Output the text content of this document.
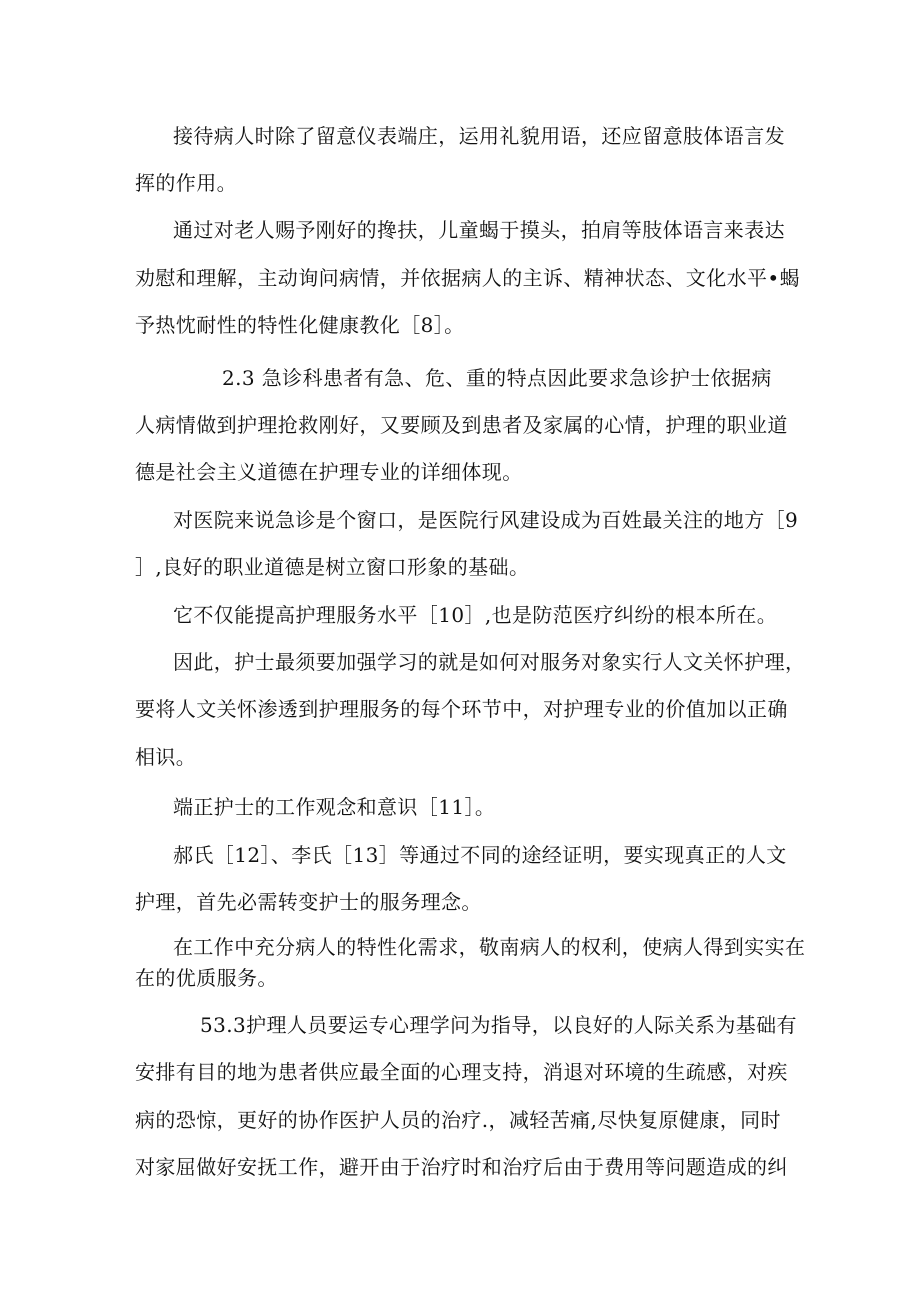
接待病人时除了留意仪表端庄，运用礼貌用语，还应留意肢体语言发
挥的作用。
通过对老人赐予刚好的搀扶，儿童蝎于摸头，拍肩等肢体语言来表达
劝慰和理解，主动询问病情，并依据病人的主诉、精神状态、文化水平•蝎
予热忱耐性的特性化健康教化［8］。
2.3 急诊科患者有急、危、重的特点因此要求急诊护士依据病
人病情做到护理抢救刚好，又要顾及到患者及家属的心情，护理的职业道
德是社会主义道德在护理专业的详细体现。
对医院来说急诊是个窗口，是医院行风建设成为百姓最关注的地方［9
］,良好的职业道德是树立窗口形象的基础。
它不仅能提高护理服务水平［10］,也是防范医疗纠纷的根本所在。
因此，护士最须要加强学习的就是如何对服务对象实行人文关怀护理，
要将人文关怀渗透到护理服务的每个环节中，对护理专业的价值加以正确
相识。
端正护士的工作观念和意识［11］。
郝氏［12］、李氏［13］等通过不同的途经证明，要实现真正的人文
护理，首先必需转变护士的服务理念。
在工作中充分病人的特性化需求，敬南病人的权利，使病人得到实实在
在的优质服务。
53.3护理人员要运专心理学问为指导，以良好的人际关系为基础有
安排有目的地为患者供应最全面的心理支持，消退对环境的生疏感，对疾
病的恐惊，更好的协作医护人员的治疗.，减轻苦痛,尽快复原健康，同时
对家屈做好安抚工作，避开由于治疗时和治疗后由于费用等问题造成的纠
